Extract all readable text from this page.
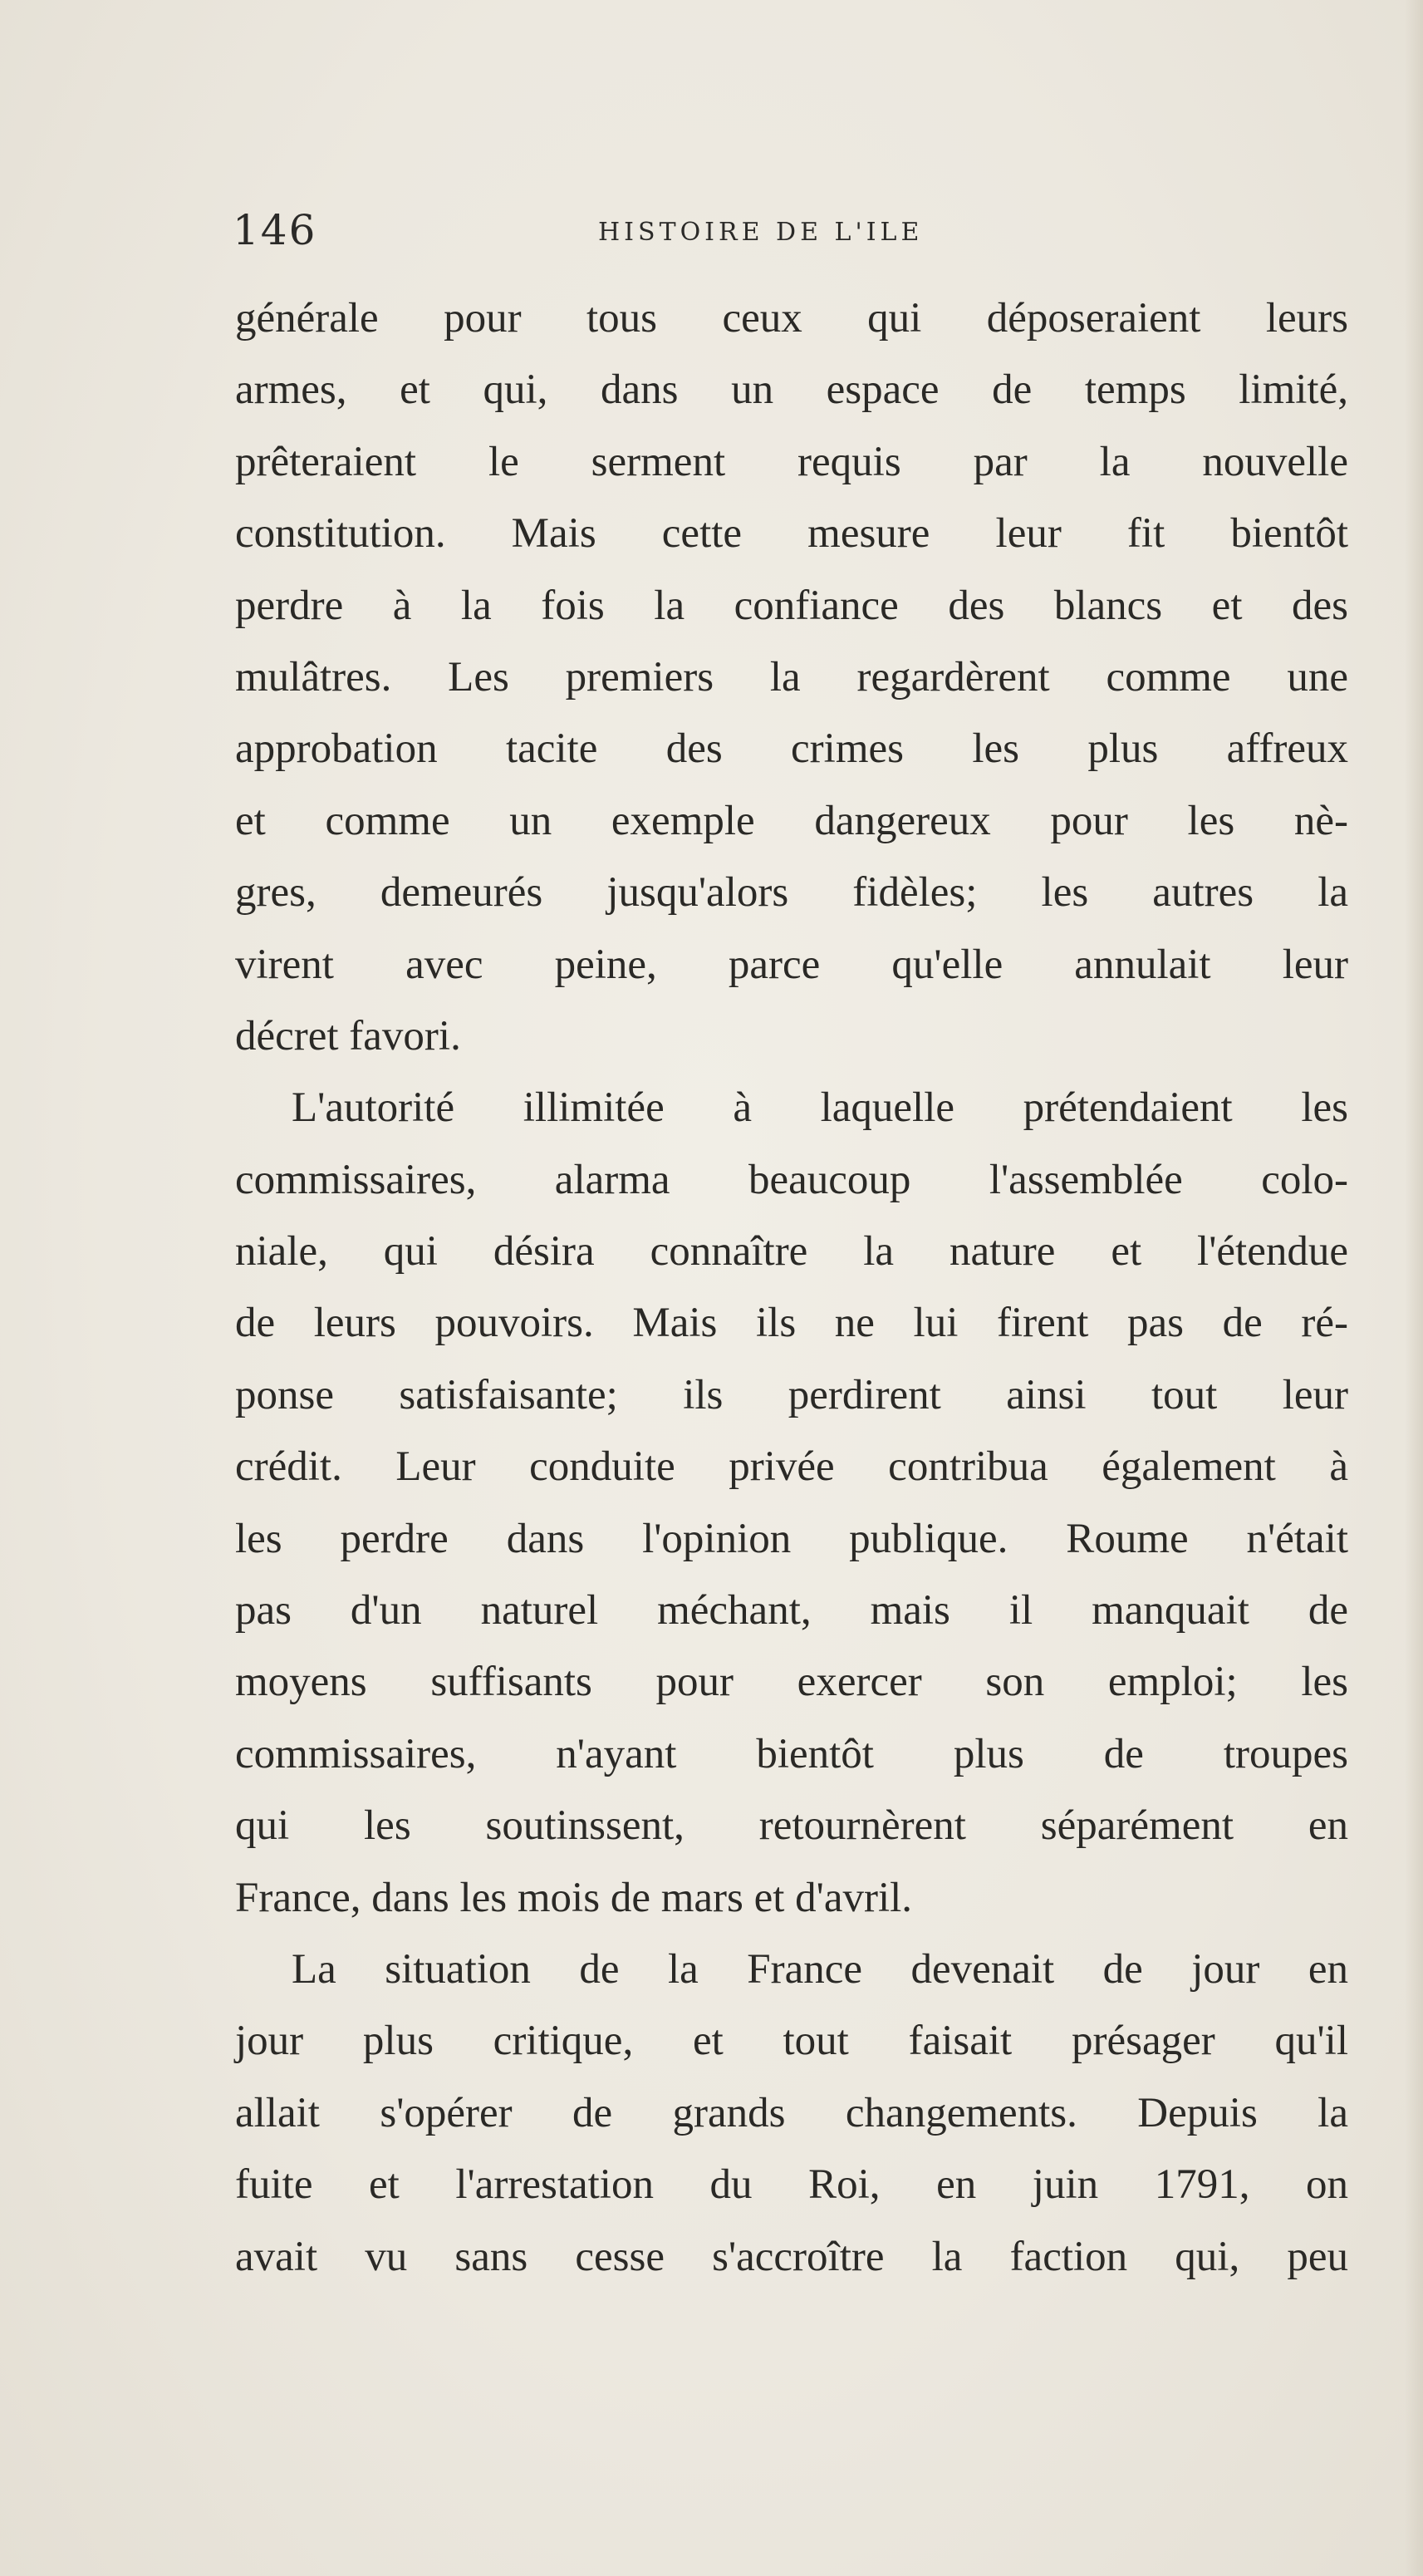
146	HISTOIRE DE L'ILE
générale pour tous ceux qui déposeraient leurs
armes, et qui, dans un espace de temps limité,
prêteraient le serment requis par la nouvelle
constitution. Mais cette mesure leur fit bientôt
perdre à la fois la confiance des blancs et des
mulâtres. Les premiers la regardèrent comme une
approbation tacite des crimes les plus affreux
et comme un exemple dangereux pour les nè-
gres, demeurés jusqu'alors fidèles; les autres la
virent avec peine, parce qu'elle annulait leur
décret favori.
L'autorité illimitée à laquelle prétendaient les
commissaires, alarma beaucoup l'assemblée colo-
niale, qui désira connaître la nature et l'étendue
de leurs pouvoirs. Mais ils ne lui firent pas de ré-
ponse satisfaisante; ils perdirent ainsi tout leur
crédit. Leur conduite privée contribua également à
les perdre dans l'opinion publique. Roume n'était
pas d'un naturel méchant, mais il manquait de
moyens suffisants pour exercer son emploi; les
commissaires, n'ayant bientôt plus de troupes
qui les soutinssent, retournèrent séparément en
France, dans les mois de mars et d'avril.
La situation de la France devenait de jour en
jour plus critique, et tout faisait présager qu'il
allait s'opérer de grands changements. Depuis la
fuite et l'arrestation du Roi, en juin 1791, on
avait vu sans cesse s'accroître la faction qui, peu
